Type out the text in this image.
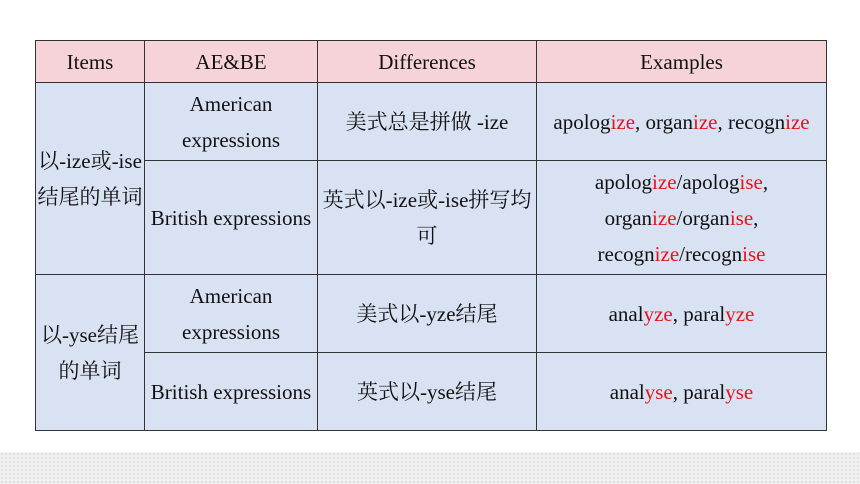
Items	AE&BE	Differences	Examples
以-ize或-ise结尾的单词	American expressions	美式总是拼做 -ize	apologize, organize, recognize
	British expressions	英式以-ize或-ise拼写均可	apologize/apologise,
organize/organise,
recognize/recognise
以-yse结尾的单词	American expressions	美式以-yze结尾	analyze, paralyze
	British expressions	英式以-yse结尾	analyse, paralyse
